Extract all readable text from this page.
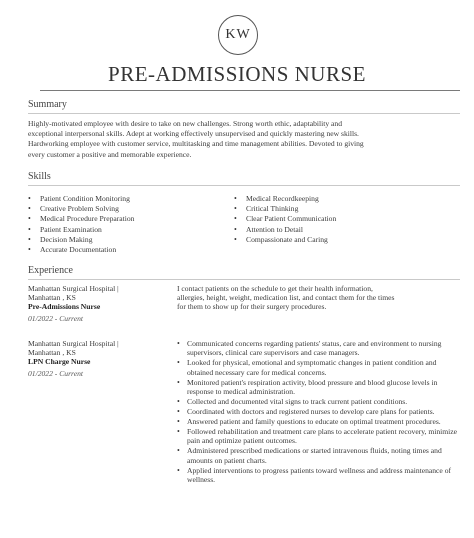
KW
PRE-ADMISSIONS NURSE
Summary
Highly-motivated employee with desire to take on new challenges. Strong worth ethic, adaptability and
exceptional interpersonal skills. Adept at working effectively unsupervised and quickly mastering new skills.
Hardworking employee with customer service, multitasking and time management abilities. Devoted to giving
every customer a positive and memorable experience.
Skills
• Patient Condition Monitoring
• Creative Problem Solving
• Medical Procedure Preparation
• Patient Examination
• Decision Making
• Accurate Documentation
• Medical Recordkeeping
• Critical Thinking
• Clear Patient Communication
• Attention to Detail
• Compassionate and Caring
Experience
Manhattan Surgical Hospital |
Manhattan , KS
Pre-Admissions Nurse
01/2022 - Current
I contact patients on the schedule to get their health information,
allergies, height, weight, medication list, and contact them for the times
for them to show up for their surgery procedures.
Manhattan Surgical Hospital |
Manhattan , KS
LPN Charge Nurse
01/2022 - Current
• Communicated concerns regarding patients' status, care and environment to nursing supervisors, clinical care supervisors and case managers.
• Looked for physical, emotional and symptomatic changes in patient condition and obtained necessary care for medical concerns.
• Monitored patient's respiration activity, blood pressure and blood glucose levels in response to medical administration.
• Collected and documented vital signs to track current patient conditions.
• Coordinated with doctors and registered nurses to develop care plans for patients.
• Answered patient and family questions to educate on optimal treatment procedures.
• Followed rehabilitation and treatment care plans to accelerate patient recovery, minimize pain and optimize patient outcomes.
• Administered prescribed medications or started intravenous fluids, noting times and amounts on patient charts.
• Applied interventions to progress patients toward wellness and address maintenance of wellness.
